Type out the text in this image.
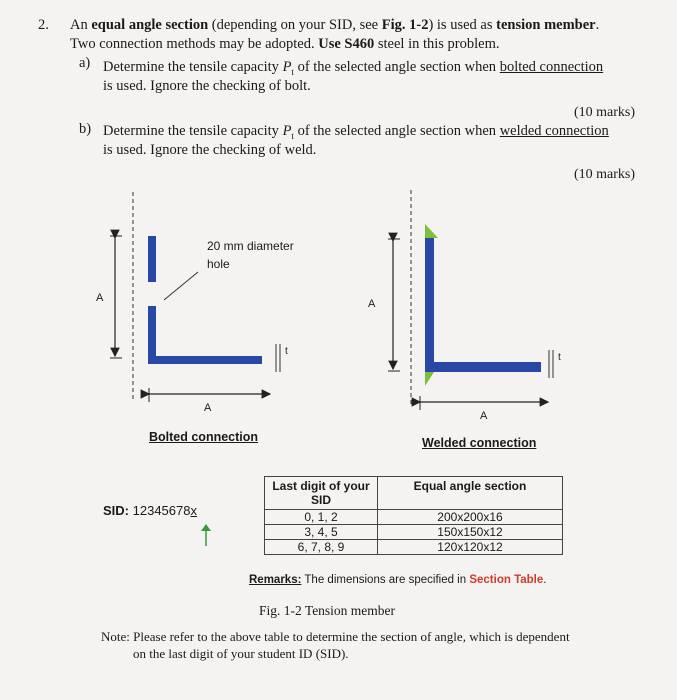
2. An equal angle section (depending on your SID, see Fig. 1-2) is used as tension member.
Two connection methods may be adopted. Use S460 steel in this problem.
a) Determine the tensile capacity $P_t$ of the selected angle section when bolted connection
is used. Ignore the checking of bolt.
(10 marks)
b) Determine the tensile capacity $P_t$ of the selected angle section when welded connection
is used. Ignore the checking of weld.
(10 marks)
20 mm diameter
hole
A
A
A
A
t
t
Bolted connection	Welded connection
SID: 12345678x
Last digit of your
SID	Equal angle section
0, 1, 2	200x200x16
3, 4, 5	150x150x12
6, 7, 8, 9	120x120x12
Remarks: The dimensions are specified in Section Table.
Fig. 1-2 Tension member
Note: Please refer to the above table to determine the section of angle, which is dependent
on the last digit of your student ID (SID).
